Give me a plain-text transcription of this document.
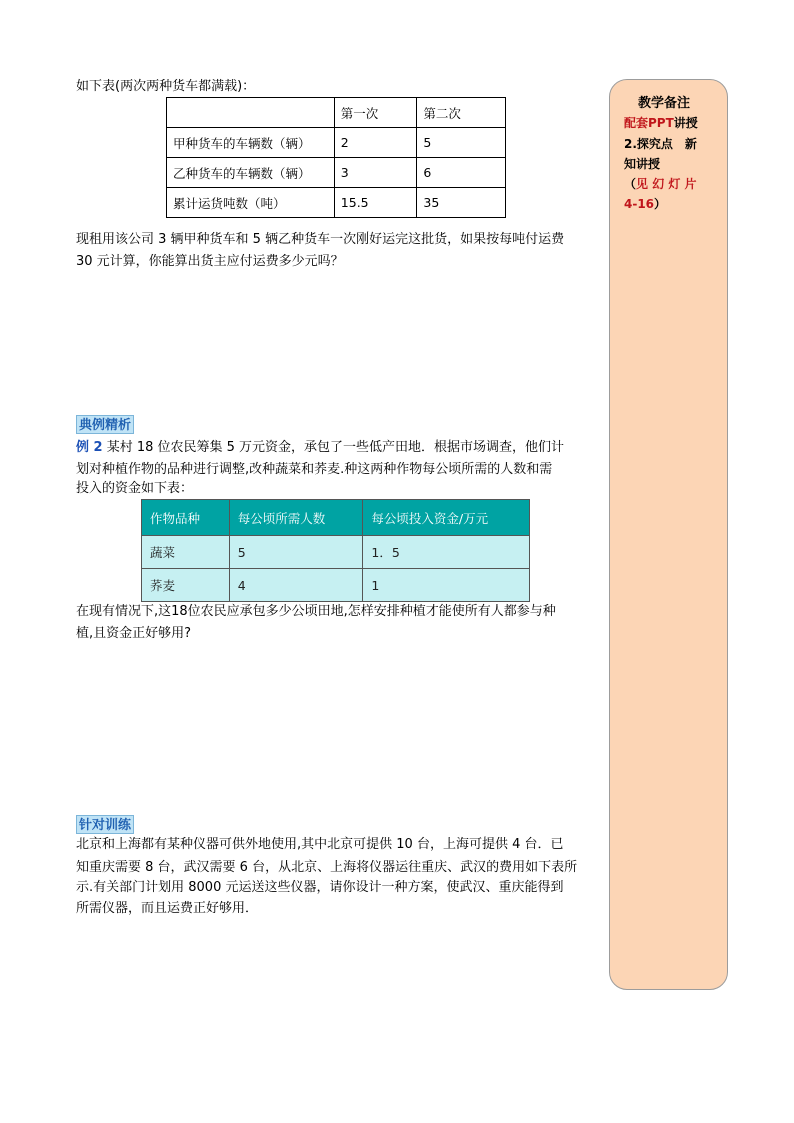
如下表(两次两种货车都满载)：
	第一次	第二次
甲种货车的车辆数（辆）	2	5
乙种货车的车辆数（辆）	3	6
累计运货吨数（吨）	15.5	35
现租用该公司 3 辆甲种货车和 5 辆乙种货车一次刚好运完这批货，如果按每吨付运费
30 元计算，你能算出货主应付运费多少元吗？
典例精析
例 2 某村 18 位农民筹集 5 万元资金，承包了一些低产田地．根据市场调查，他们计
划对种植作物的品种进行调整,改种蔬菜和荞麦.种这两种作物每公顷所需的人数和需
投入的资金如下表：
作物品种	每公顷所需人数	每公顷投入资金/万元
蔬菜	5	1．5
荞麦	4	1
在现有情况下,这18位农民应承包多少公顷田地,怎样安排种植才能使所有人都参与种
植,且资金正好够用?
针对训练
北京和上海都有某种仪器可供外地使用,其中北京可提供 10 台，上海可提供 4 台．已
知重庆需要 8 台，武汉需要 6 台，从北京、上海将仪器运往重庆、武汉的费用如下表所
示.有关部门计划用 8000 元运送这些仪器，请你设计一种方案，使武汉、重庆能得到
所需仪器，而且运费正好够用．
教学备注
配套PPT讲授
2.探究点　新
知讲授
（见 幻 灯 片
4-16）
